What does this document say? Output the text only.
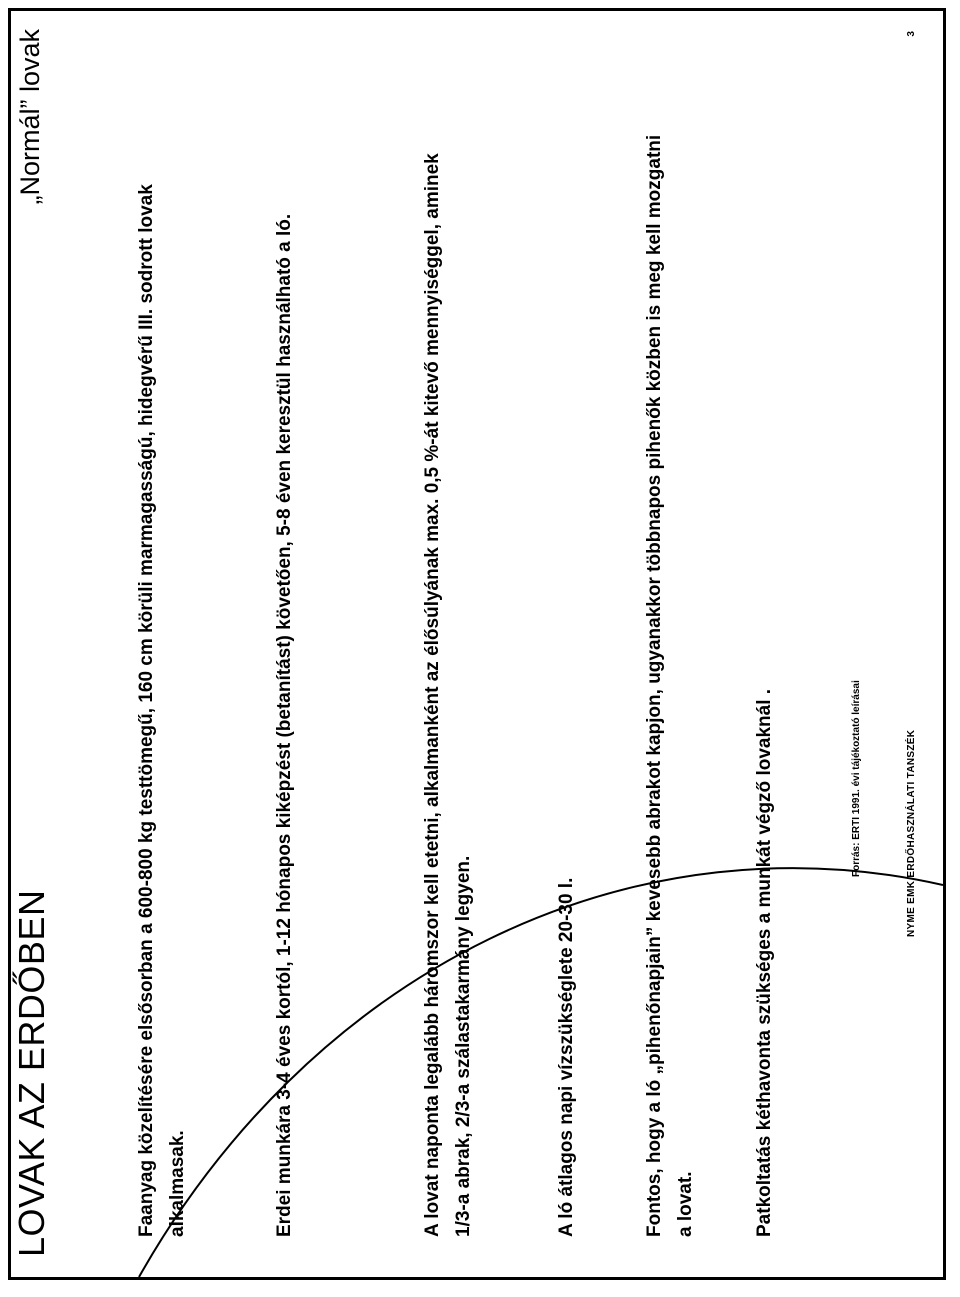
LOVAK AZ ERDŐBEN
„Normál” lovak
Faanyag közelítésére elsősorban a 600-800 kg testtömegű, 160 cm körüli marmagasságú, hidegvérű III. sodrott lovak alkalmasak.	Erdei munkára 3-4 éves kortól, 1-12 hónapos kiképzést (betanítást) követően, 5-8 éven keresztül használható a ló.	A lovat naponta legalább háromszor kell etetni, alkalmanként az élősúlyának max. 0,5 %-át kitevő mennyiséggel, aminek 1/3-a abrak, 2/3-a szálastakarmány legyen.	A ló átlagos napi vízszükséglete 20-30 l.	Fontos, hogy a ló „pihenőnapjain” kevesebb abrakot kapjon, ugyanakkor többnapos pihenők közben is meg kell mozgatni a lovat.	Patkoltatás kéthavonta szükséges a munkát végző lovaknál .	Forrás: ERTI 1991. évi tájékoztató leírásai	NYME EMK ERDŐHASZNÁLATI TANSZÉK
3
